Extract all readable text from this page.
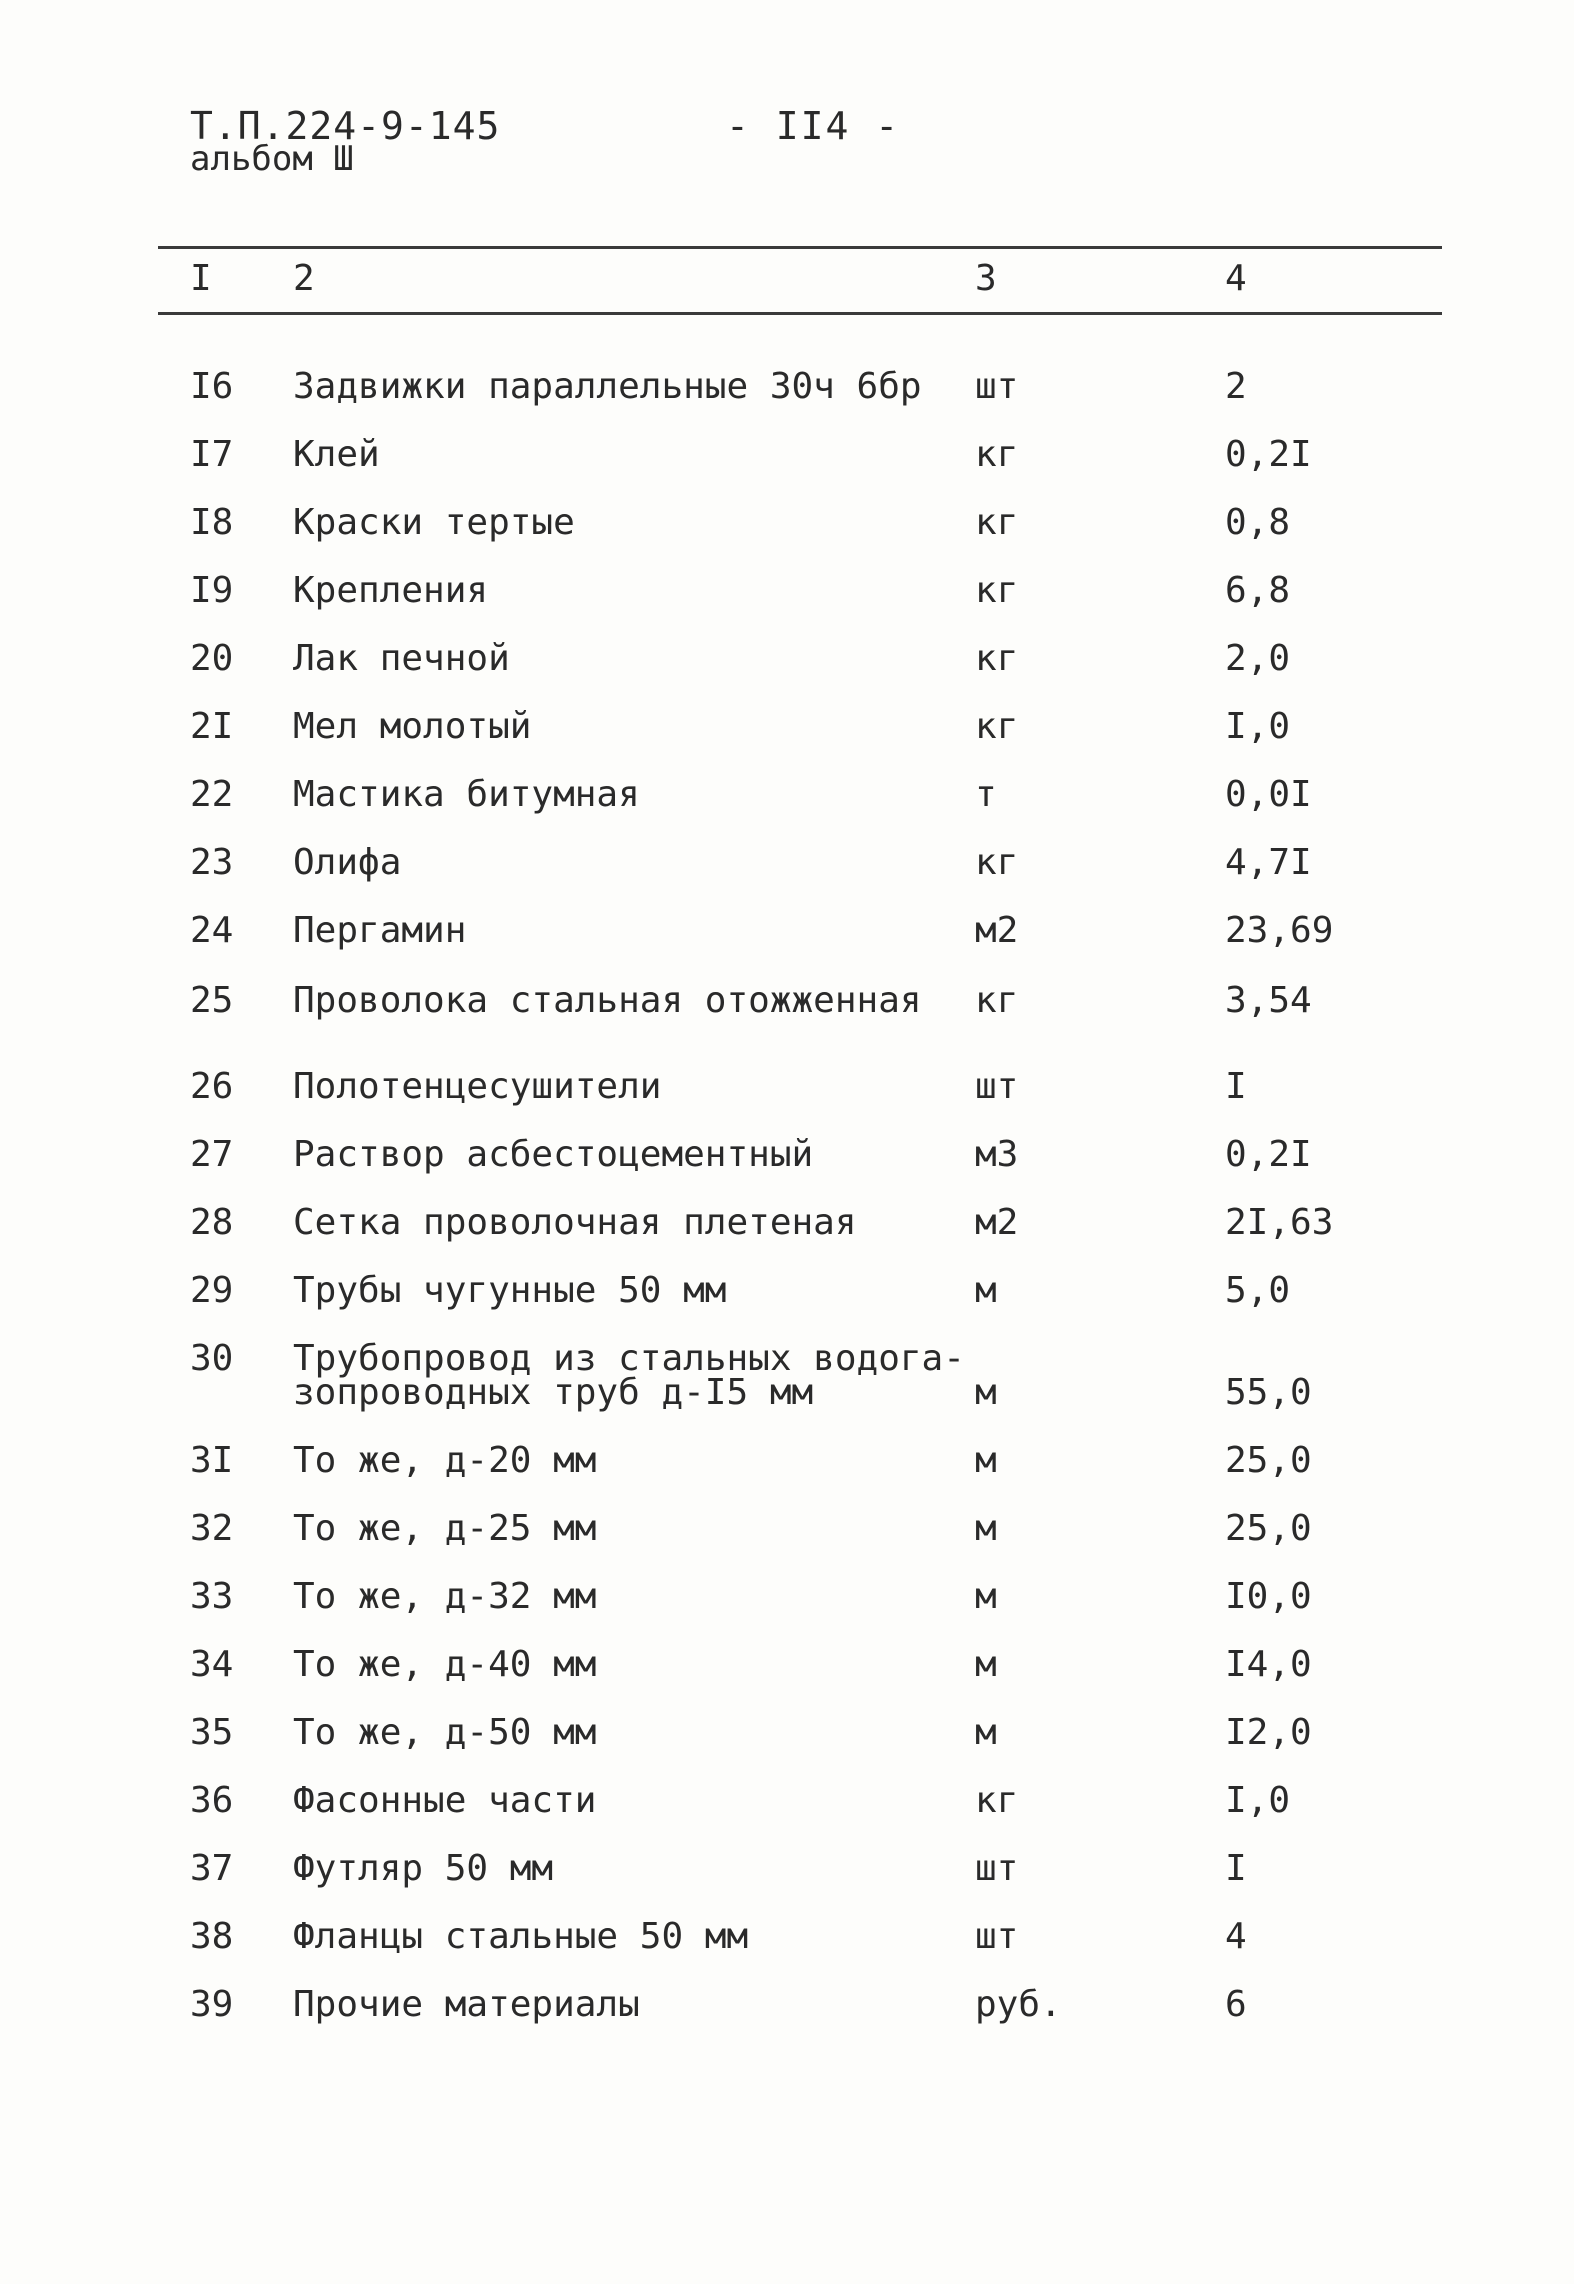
Т.П.224-9-145
альбом Ш
- II4 -
I 2	3	4
I6 Задвижки параллельные 30ч 6бр шт	2
I7 Клей	кг	0,2I
I8 Краски тертые	кг	0,8
I9 Крепления	кг	6,8
20 Лак печной	кг	2,0
2I Мел молотый	кг	I,0
22 Мастика битумная	т	0,0I
23 Олифа	кг	4,7I
24 Пергамин	м2	23,69
25 Проволока стальная отожженная кг	3,54
26 Полотенцесушители	шт	I
27 Раствор асбестоцементный	м3	0,2I
28 Сетка проволочная плетеная	м2	2I,63
29 Трубы чугунные 50 мм	м	5,0
30 Трубопровод из стальных водога-
зопроводных труб д-I5 мм	м	55,0
3I То же, д-20 мм	м	25,0
32 То же, д-25 мм	м	25,0
33 То же, д-32 мм	м	I0,0
34 То же, д-40 мм	м	I4,0
35 То же, д-50 мм	м	I2,0
36 Фасонные части	кг	I,0
37 Футляр 50 мм	шт	I
38 Фланцы стальные 50 мм	шт	4
39 Прочие материалы	руб.	6
